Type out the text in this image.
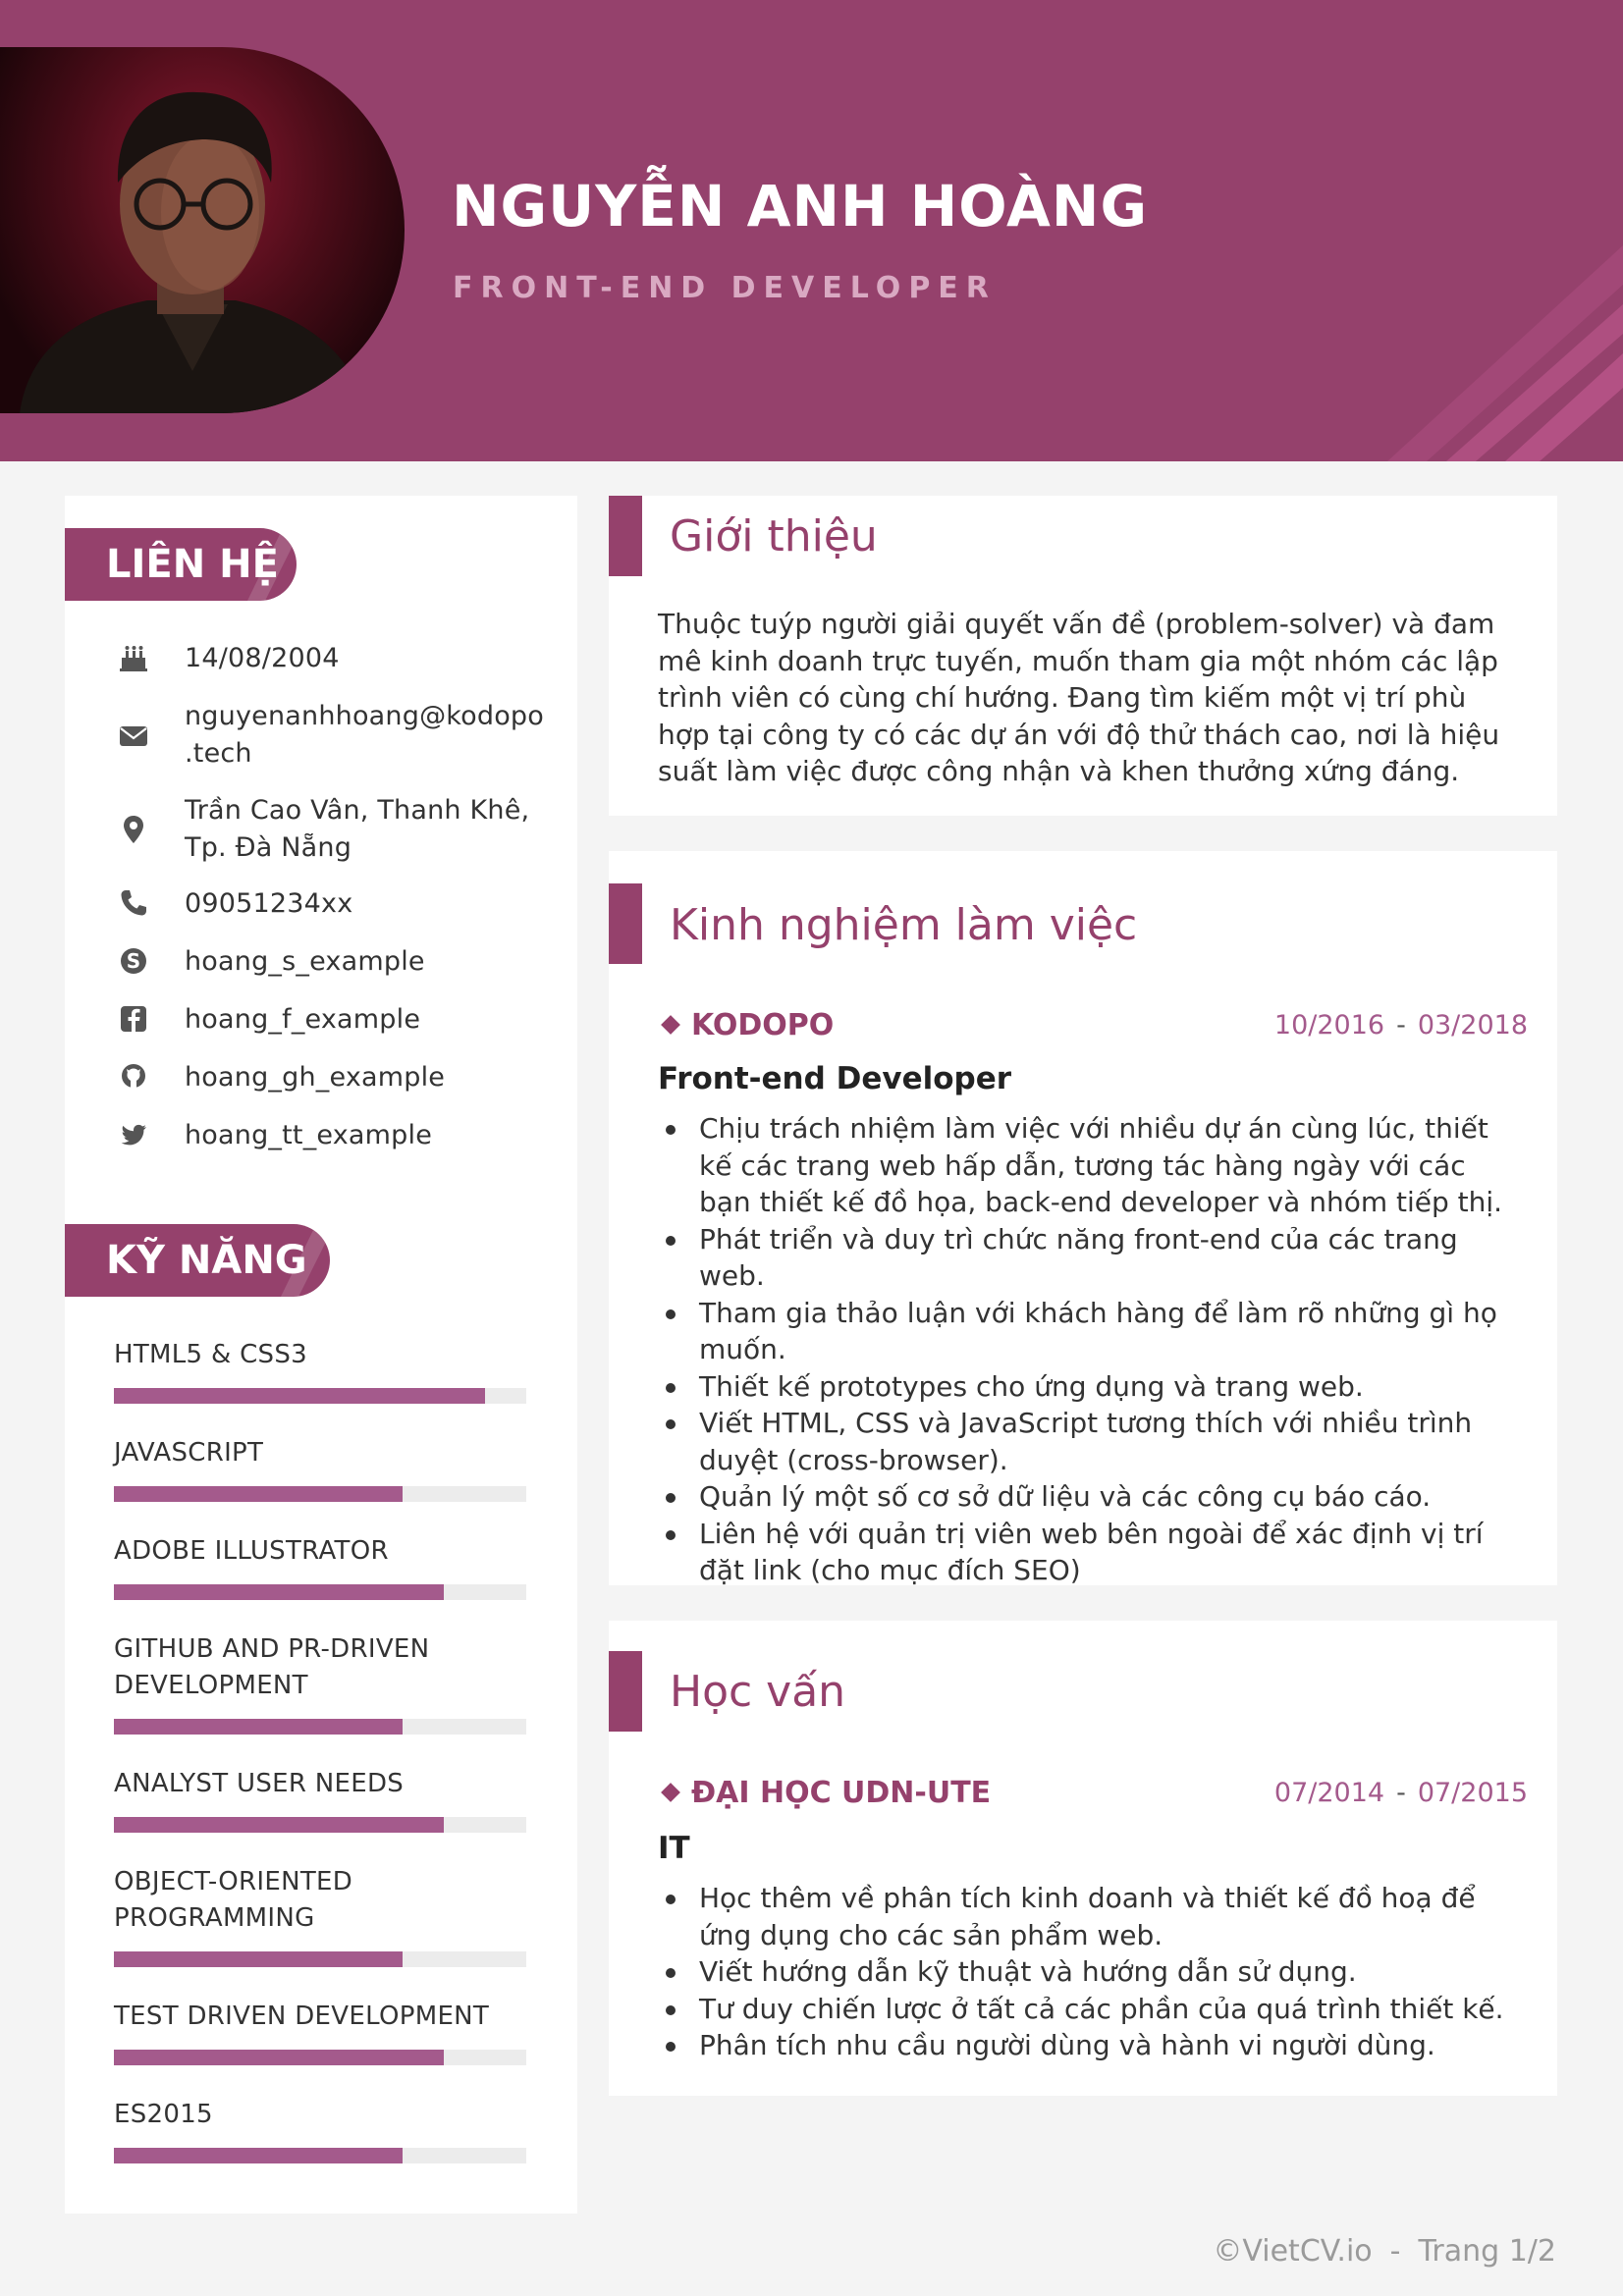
NGUYỄN ANH HOÀNG
FRONT-END DEVELOPER
LIÊN HỆ
14/08/2004
nguyenanhhoang@kodopo
.tech
Trần Cao Vân, Thanh Khê,
Tp. Đà Nẵng
09051234xx
S hoang_s_example
hoang_f_example
hoang_gh_example
hoang_tt_example
KỸ NĂNG
HTML5 & CSS3
JAVASCRIPT
ADOBE ILLUSTRATOR
GITHUB AND PR-DRIVEN
DEVELOPMENT
ANALYST USER NEEDS
OBJECT-ORIENTED
PROGRAMMING
TEST DRIVEN DEVELOPMENT
ES2015
Giới thiệu
Thuộc tuýp người giải quyết vấn đề (problem-solver) và đam mê kinh doanh trực tuyến, muốn tham gia một nhóm các lập trình viên có cùng chí hướng. Đang tìm kiếm một vị trí phù hợp tại công ty có các dự án với độ thử thách cao, nơi là hiệu suất làm việc được công nhận và khen thưởng xứng đáng.
Kinh nghiệm làm việc
KODOPO	10/2016 - 03/2018
Front-end Developer
Chịu trách nhiệm làm việc với nhiều dự án cùng lúc, thiết kế các trang web hấp dẫn, tương tác hàng ngày với các bạn thiết kế đồ họa, back-end developer và nhóm tiếp thị.
Phát triển và duy trì chức năng front-end của các trang web.
Tham gia thảo luận với khách hàng để làm rõ những gì họ muốn.
Thiết kế prototypes cho ứng dụng và trang web.
Viết HTML, CSS và JavaScript tương thích với nhiều trình duyệt (cross-browser).
Quản lý một số cơ sở dữ liệu và các công cụ báo cáo.
Liên hệ với quản trị viên web bên ngoài để xác định vị trí đặt link (cho mục đích SEO)
Học vấn
ĐẠI HỌC UDN-UTE	07/2014 - 07/2015
IT
Học thêm về phân tích kinh doanh và thiết kế đồ hoạ để ứng dụng cho các sản phẩm web.
Viết hướng dẫn kỹ thuật và hướng dẫn sử dụng.
Tư duy chiến lược ở tất cả các phần của quá trình thiết kế.
Phân tích nhu cầu người dùng và hành vi người dùng.
©VietCV.io - Trang 1/2
